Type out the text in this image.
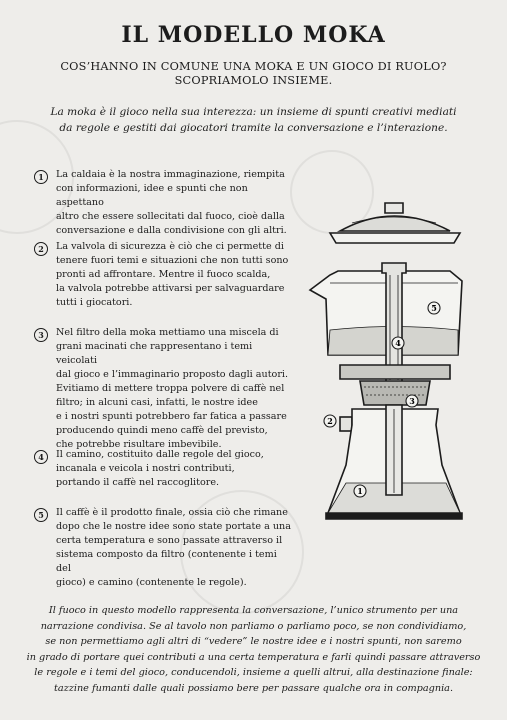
IL MODELLO MOKA
COS’HANNO IN COMUNE UNA MOKA E UN GIOCO DI RUOLO?
SCOPRIAMOLO INSIEME.
La moka è il gioco nella sua interezza: un insieme di spunti creativi mediati
da regole e gestiti dai giocatori tramite la conversazione e l’interazione.
1	La caldaia è la nostra immaginazione, riempita
con informazioni, idee e spunti che non aspettano
altro che essere sollecitati dal fuoco, cioè dalla
conversazione e dalla condivisione con gli altri.
2	La valvola di sicurezza è ciò che ci permette di
tenere fuori temi e situazioni che non tutti sono
pronti ad affrontare. Mentre il fuoco scalda,
la valvola potrebbe attivarsi per salvaguardare
tutti i giocatori.
3	Nel filtro della moka mettiamo una miscela di
grani macinati che rappresentano i temi veicolati
dal gioco e l’immaginario proposto dagli autori.
Evitiamo di mettere troppa polvere di caffè nel
filtro; in alcuni casi, infatti, le nostre idee
e i nostri spunti potrebbero far fatica a passare
producendo quindi meno caffè del previsto,
che potrebbe risultare imbevibile.
4	Il camino, costituito dalle regole del gioco,
incanala e veicola i nostri contributi,
portando il caffè nel raccoglitore.
5	Il caffè è il prodotto finale, ossia ciò che rimane
dopo che le nostre idee sono state portate a una
certa temperatura e sono passate attraverso il
sistema composto da filtro (contenente i temi del
gioco) e camino (contenente le regole).
1
2
3
4
5
Il fuoco in questo modello rappresenta la conversazione, l’unico strumento per una
narrazione condivisa. Se al tavolo non parliamo o parliamo poco, se non condividiamo,
se non permettiamo agli altri di “vedere” le nostre idee e i nostri spunti, non saremo
in grado di portare quei contributi a una certa temperatura e farli quindi passare attraverso
le regole e i temi del gioco, conducendoli, insieme a quelli altrui, alla destinazione finale:
tazzine fumanti dalle quali possiamo bere per passare qualche ora in compagnia.
